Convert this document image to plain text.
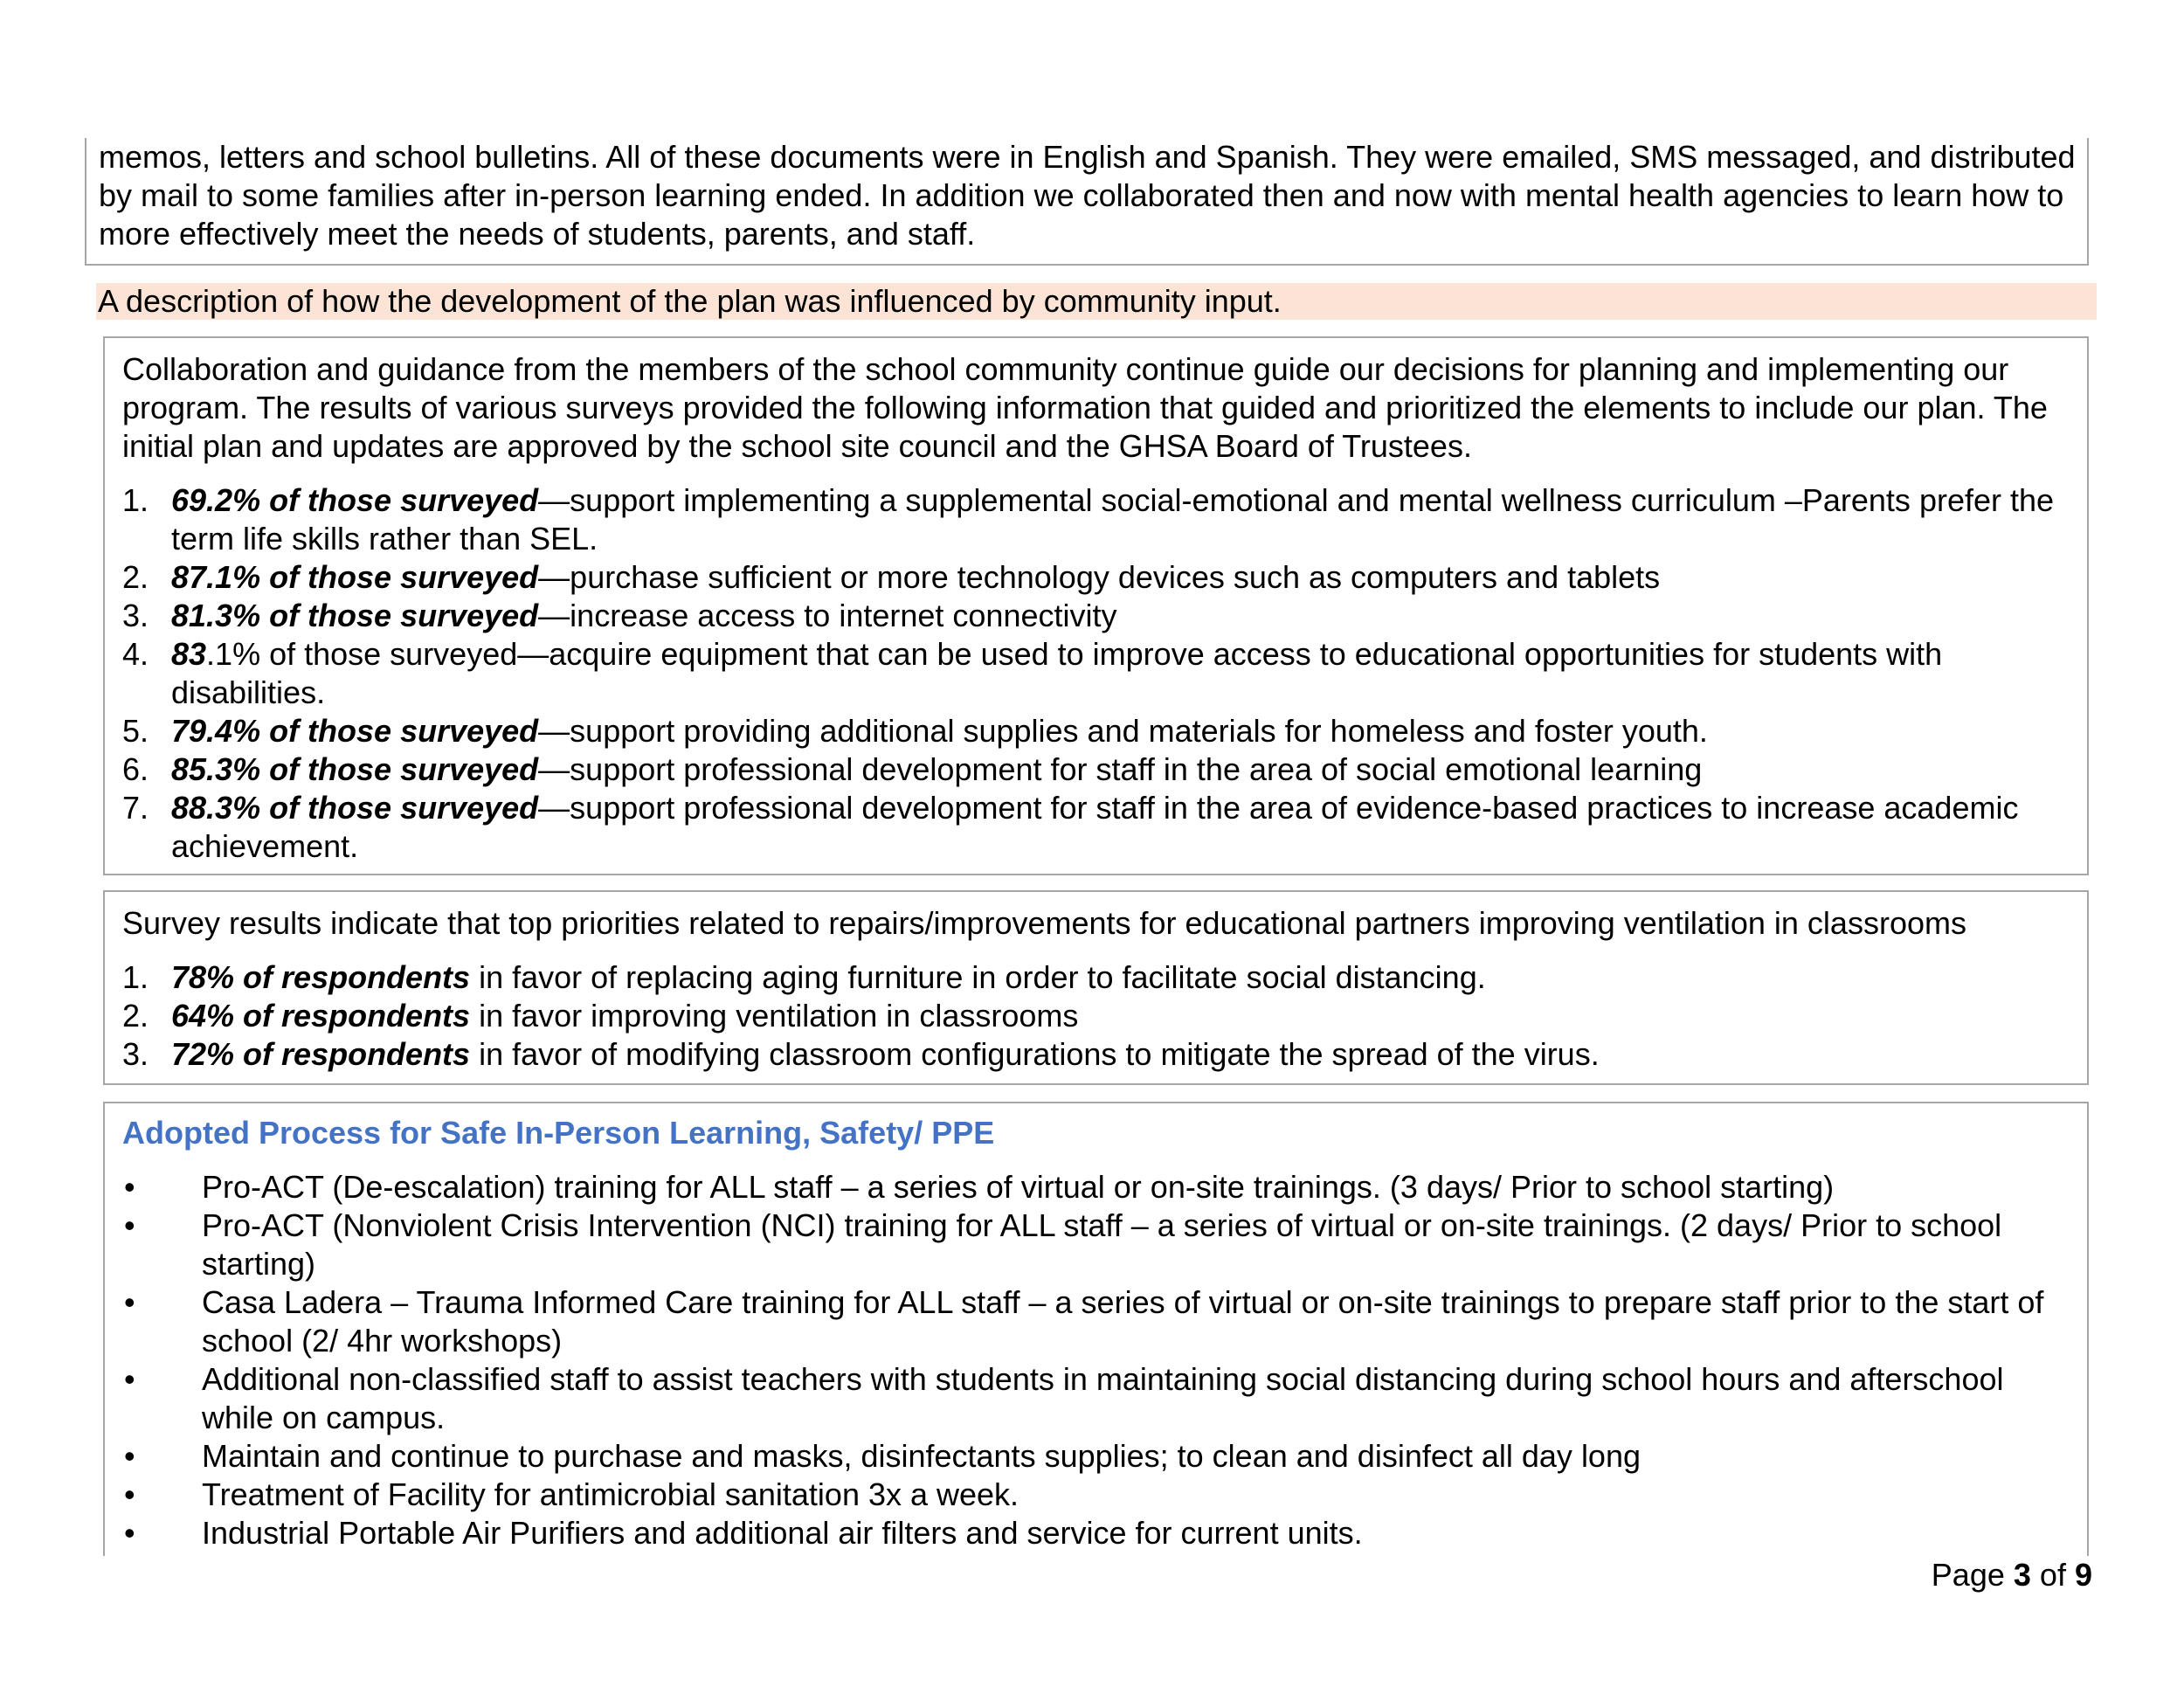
memos, letters and school bulletins. All of these documents were in English and Spanish. They were emailed, SMS messaged, and distributed by mail to some families after in-person learning ended. In addition we collaborated then and now with mental health agencies to learn how to more effectively meet the needs of students, parents, and staff.

A description of how the development of the plan was influenced by community input.

Collaboration and guidance from the members of the school community continue guide our decisions for planning and implementing our program. The results of various surveys provided the following information that guided and prioritized the elements to include our plan. The initial plan and updates are approved by the school site council and the GHSA Board of Trustees.

1. 69.2% of those surveyed—support implementing a supplemental social-emotional and mental wellness curriculum –Parents prefer the term life skills rather than SEL.
2. 87.1% of those surveyed—purchase sufficient or more technology devices such as computers and tablets
3. 81.3% of those surveyed—increase access to internet connectivity
4. 83.1% of those surveyed—acquire equipment that can be used to improve access to educational opportunities for students with disabilities.
5. 79.4% of those surveyed—support providing additional supplies and materials for homeless and foster youth.
6. 85.3% of those surveyed—support professional development for staff in the area of social emotional learning
7. 88.3% of those surveyed—support professional development for staff in the area of evidence-based practices to increase academic achievement.

Survey results indicate that top priorities related to repairs/improvements for educational partners improving ventilation in classrooms

1. 78% of respondents in favor of replacing aging furniture in order to facilitate social distancing.
2. 64% of respondents in favor improving ventilation in classrooms
3. 72% of respondents in favor of modifying classroom configurations to mitigate the spread of the virus.

Adopted Process for Safe In-Person Learning, Safety/ PPE

• Pro-ACT (De-escalation) training for ALL staff – a series of virtual or on-site trainings. (3 days/ Prior to school starting)
• Pro-ACT (Nonviolent Crisis Intervention (NCI) training for ALL staff – a series of virtual or on-site trainings. (2 days/ Prior to school starting)
• Casa Ladera – Trauma Informed Care training for ALL staff – a series of virtual or on-site trainings to prepare staff prior to the start of school (2/ 4hr workshops)
• Additional non-classified staff to assist teachers with students in maintaining social distancing during school hours and afterschool while on campus.
• Maintain and continue to purchase and masks, disinfectants supplies; to clean and disinfect all day long
• Treatment of Facility for antimicrobial sanitation 3x a week.
• Industrial Portable Air Purifiers and additional air filters and service for current units.
Page 3 of 9
